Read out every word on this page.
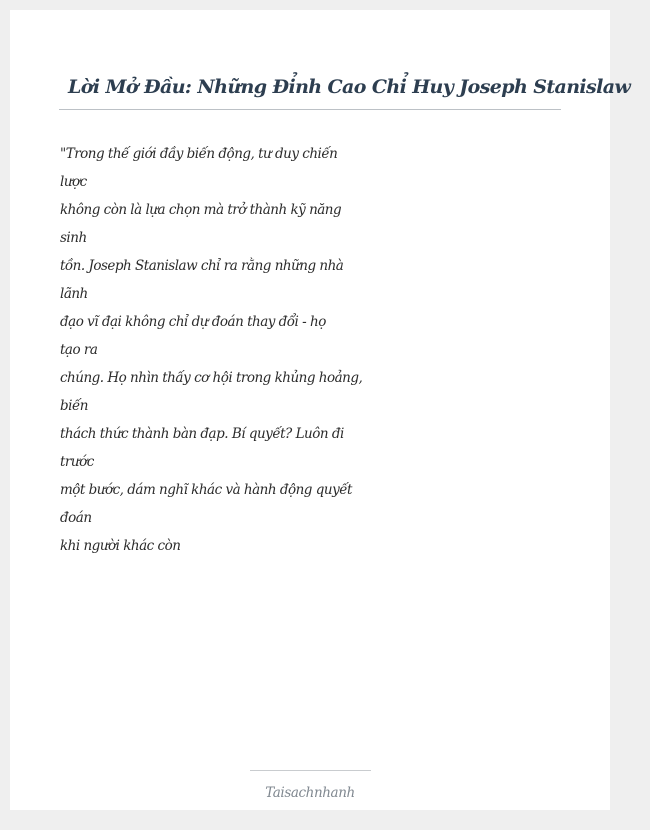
Lời Mở Đầu: Những Đỉnh Cao Chỉ Huy Joseph Stanislaw
"Trong thế giới đầy biến động, tư duy chiến
lược
không còn là lựa chọn mà trở thành kỹ năng
sinh
tồn. Joseph Stanislaw chỉ ra rằng những nhà
lãnh
đạo vĩ đại không chỉ dự đoán thay đổi - họ
tạo ra
chúng. Họ nhìn thấy cơ hội trong khủng hoảng,
biến
thách thức thành bàn đạp. Bí quyết? Luôn đi
trước
một bước, dám nghĩ khác và hành động quyết
đoán
khi người khác còn
Taisachnhanh
